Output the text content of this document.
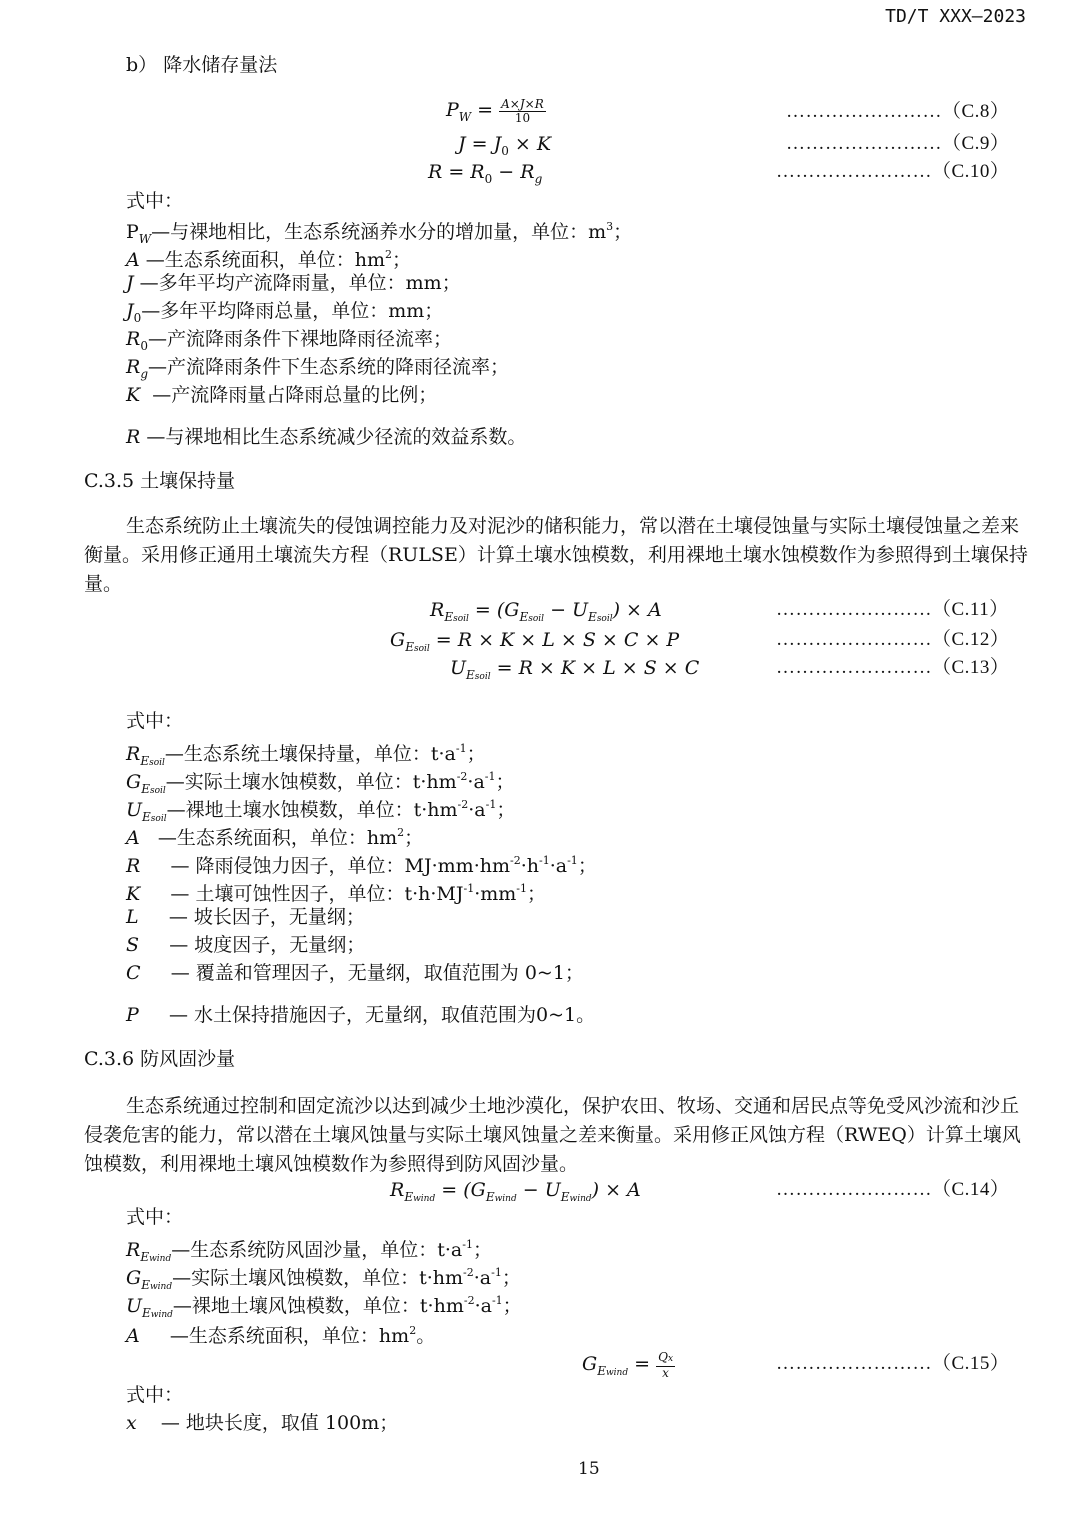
TD/T XXX—2023
b） 降水储存量法
$P_W = \frac{A\times J\times R}{10}$	……………………（C.8）
$J = J_0 \times K$	……………………（C.9）
$R = R_0 - R_g$	……………………（C.10）
式中：
$P_W—$与裸地相比，生态系统涵养水分的增加量，单位：$m^3$；
A —生态系统面积，单位：$hm^2$；
J —多年平均产流降雨量，单位：mm；
$J_0—$多年平均降雨总量，单位：mm；
$R_0—$产流降雨条件下裸地降雨径流率；
$R_g—$产流降雨条件下生态系统的降雨径流率；
K  —产流降雨量占降雨总量的比例；
R —与裸地相比生态系统减少径流的效益系数。
C.3.5 土壤保持量
生态系统防止土壤流失的侵蚀调控能力及对泥沙的储积能力，常以潜在土壤侵蚀量与实际土壤侵蚀量之差来衡量。采用修正通用土壤流失方程（RULSE）计算土壤水蚀模数，利用裸地土壤水蚀模数作为参照得到土壤保持量。
$R_{Esoil} = (G_{Esoil} - U_{Esoil}) \times A$	……………………（C.11）
$G_{Esoil} = R \times K \times L \times S \times C \times P$	……………………（C.12）
$U_{Esoil} = R \times K \times L \times S \times C$	……………………（C.13）
式中：
$R_{Esoil}—$生态系统土壤保持量，单位：$t\cdot a^{-1}$；
$G_{Esoil}—$实际土壤水蚀模数，单位：$t\cdot hm^{-2}\cdot a^{-1}$；
$U_{Esoil}—$裸地土壤水蚀模数，单位：$t\cdot hm^{-2}\cdot a^{-1}$；
A   —生态系统面积，单位：$hm^2$；
R     — 降雨侵蚀力因子，单位：$MJ\cdot mm\cdot hm^{-2}\cdot h^{-1}\cdot a^{-1}$；
K     — 土壤可蚀性因子，单位：$t\cdot h\cdot MJ^{-1}\cdot mm^{-1}$；
L     — 坡长因子，无量纲；
S     — 坡度因子，无量纲；
C     — 覆盖和管理因子，无量纲，取值范围为 0~1；
P     — 水土保持措施因子，无量纲，取值范围为0~1。
C.3.6 防风固沙量
生态系统通过控制和固定流沙以达到减少土地沙漠化，保护农田、牧场、交通和居民点等免受风沙流和沙丘侵袭危害的能力，常以潜在土壤风蚀量与实际土壤风蚀量之差来衡量。采用修正风蚀方程（RWEQ）计算土壤风蚀模数，利用裸地土壤风蚀模数作为参照得到防风固沙量。
$R_{Ewind} = (G_{Ewind} - U_{Ewind}) \times A$	……………………（C.14）
式中：
$R_{Ewind}—$生态系统防风固沙量，单位：$t\cdot a^{-1}$；
$G_{Ewind}—$实际土壤风蚀模数，单位：$t\cdot hm^{-2}\cdot a^{-1}$；
$U_{Ewind}—$裸地土壤风蚀模数，单位：$t\cdot hm^{-2}\cdot a^{-1}$；
A     —生态系统面积，单位：$hm^2$。
$G_{Ewind} = \frac{Qx}{x}$	……………………（C.15）
式中：
x    — 地块长度，取值 100m；
15
